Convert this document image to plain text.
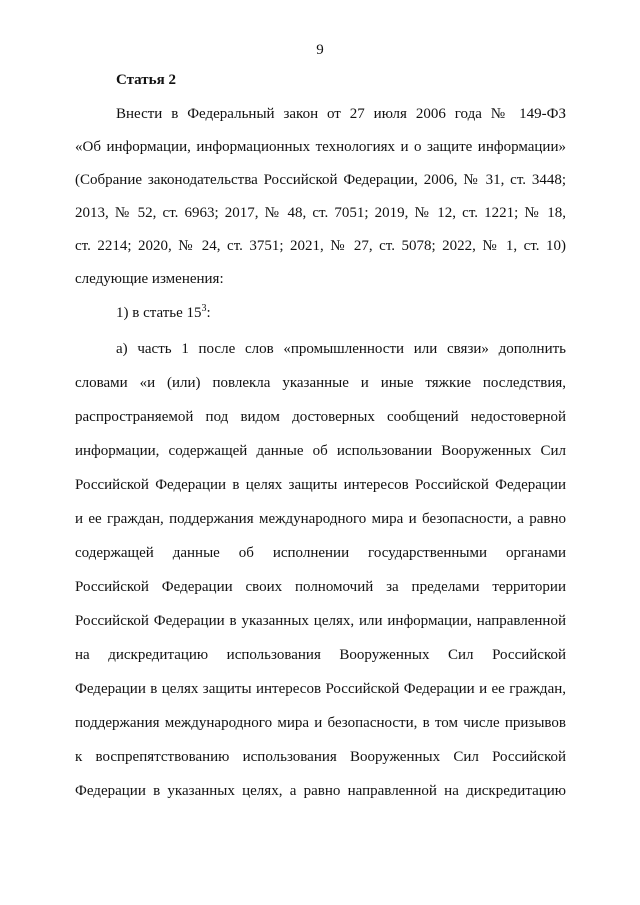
9
Статья 2
Внести в Федеральный закон от 27 июля 2006 года № 149-ФЗ
«Об информации, информационных технологиях и о защите информации»
(Собрание законодательства Российской Федерации, 2006, № 31, ст. 3448;
2013, № 52, ст. 6963; 2017, № 48, ст. 7051; 2019, № 12, ст. 1221; № 18,
ст. 2214; 2020, № 24, ст. 3751; 2021, № 27, ст. 5078; 2022, № 1, ст. 10)
следующие изменения:
1) в статье $15^3$:
а) часть 1 после слов «промышленности или связи» дополнить
словами «и (или) повлекла указанные и иные тяжкие последствия,
распространяемой под видом достоверных сообщений недостоверной
информации, содержащей данные об использовании Вооруженных Сил
Российской Федерации в целях защиты интересов Российской Федерации
и ее граждан, поддержания международного мира и безопасности, а равно
содержащей данные об исполнении государственными органами
Российской Федерации своих полномочий за пределами территории
Российской Федерации в указанных целях, или информации, направленной
на дискредитацию использования Вооруженных Сил Российской
Федерации в целях защиты интересов Российской Федерации и ее граждан,
поддержания международного мира и безопасности, в том числе призывов
к воспрепятствованию использования Вооруженных Сил Российской
Федерации в указанных целях, а равно направленной на дискредитацию
